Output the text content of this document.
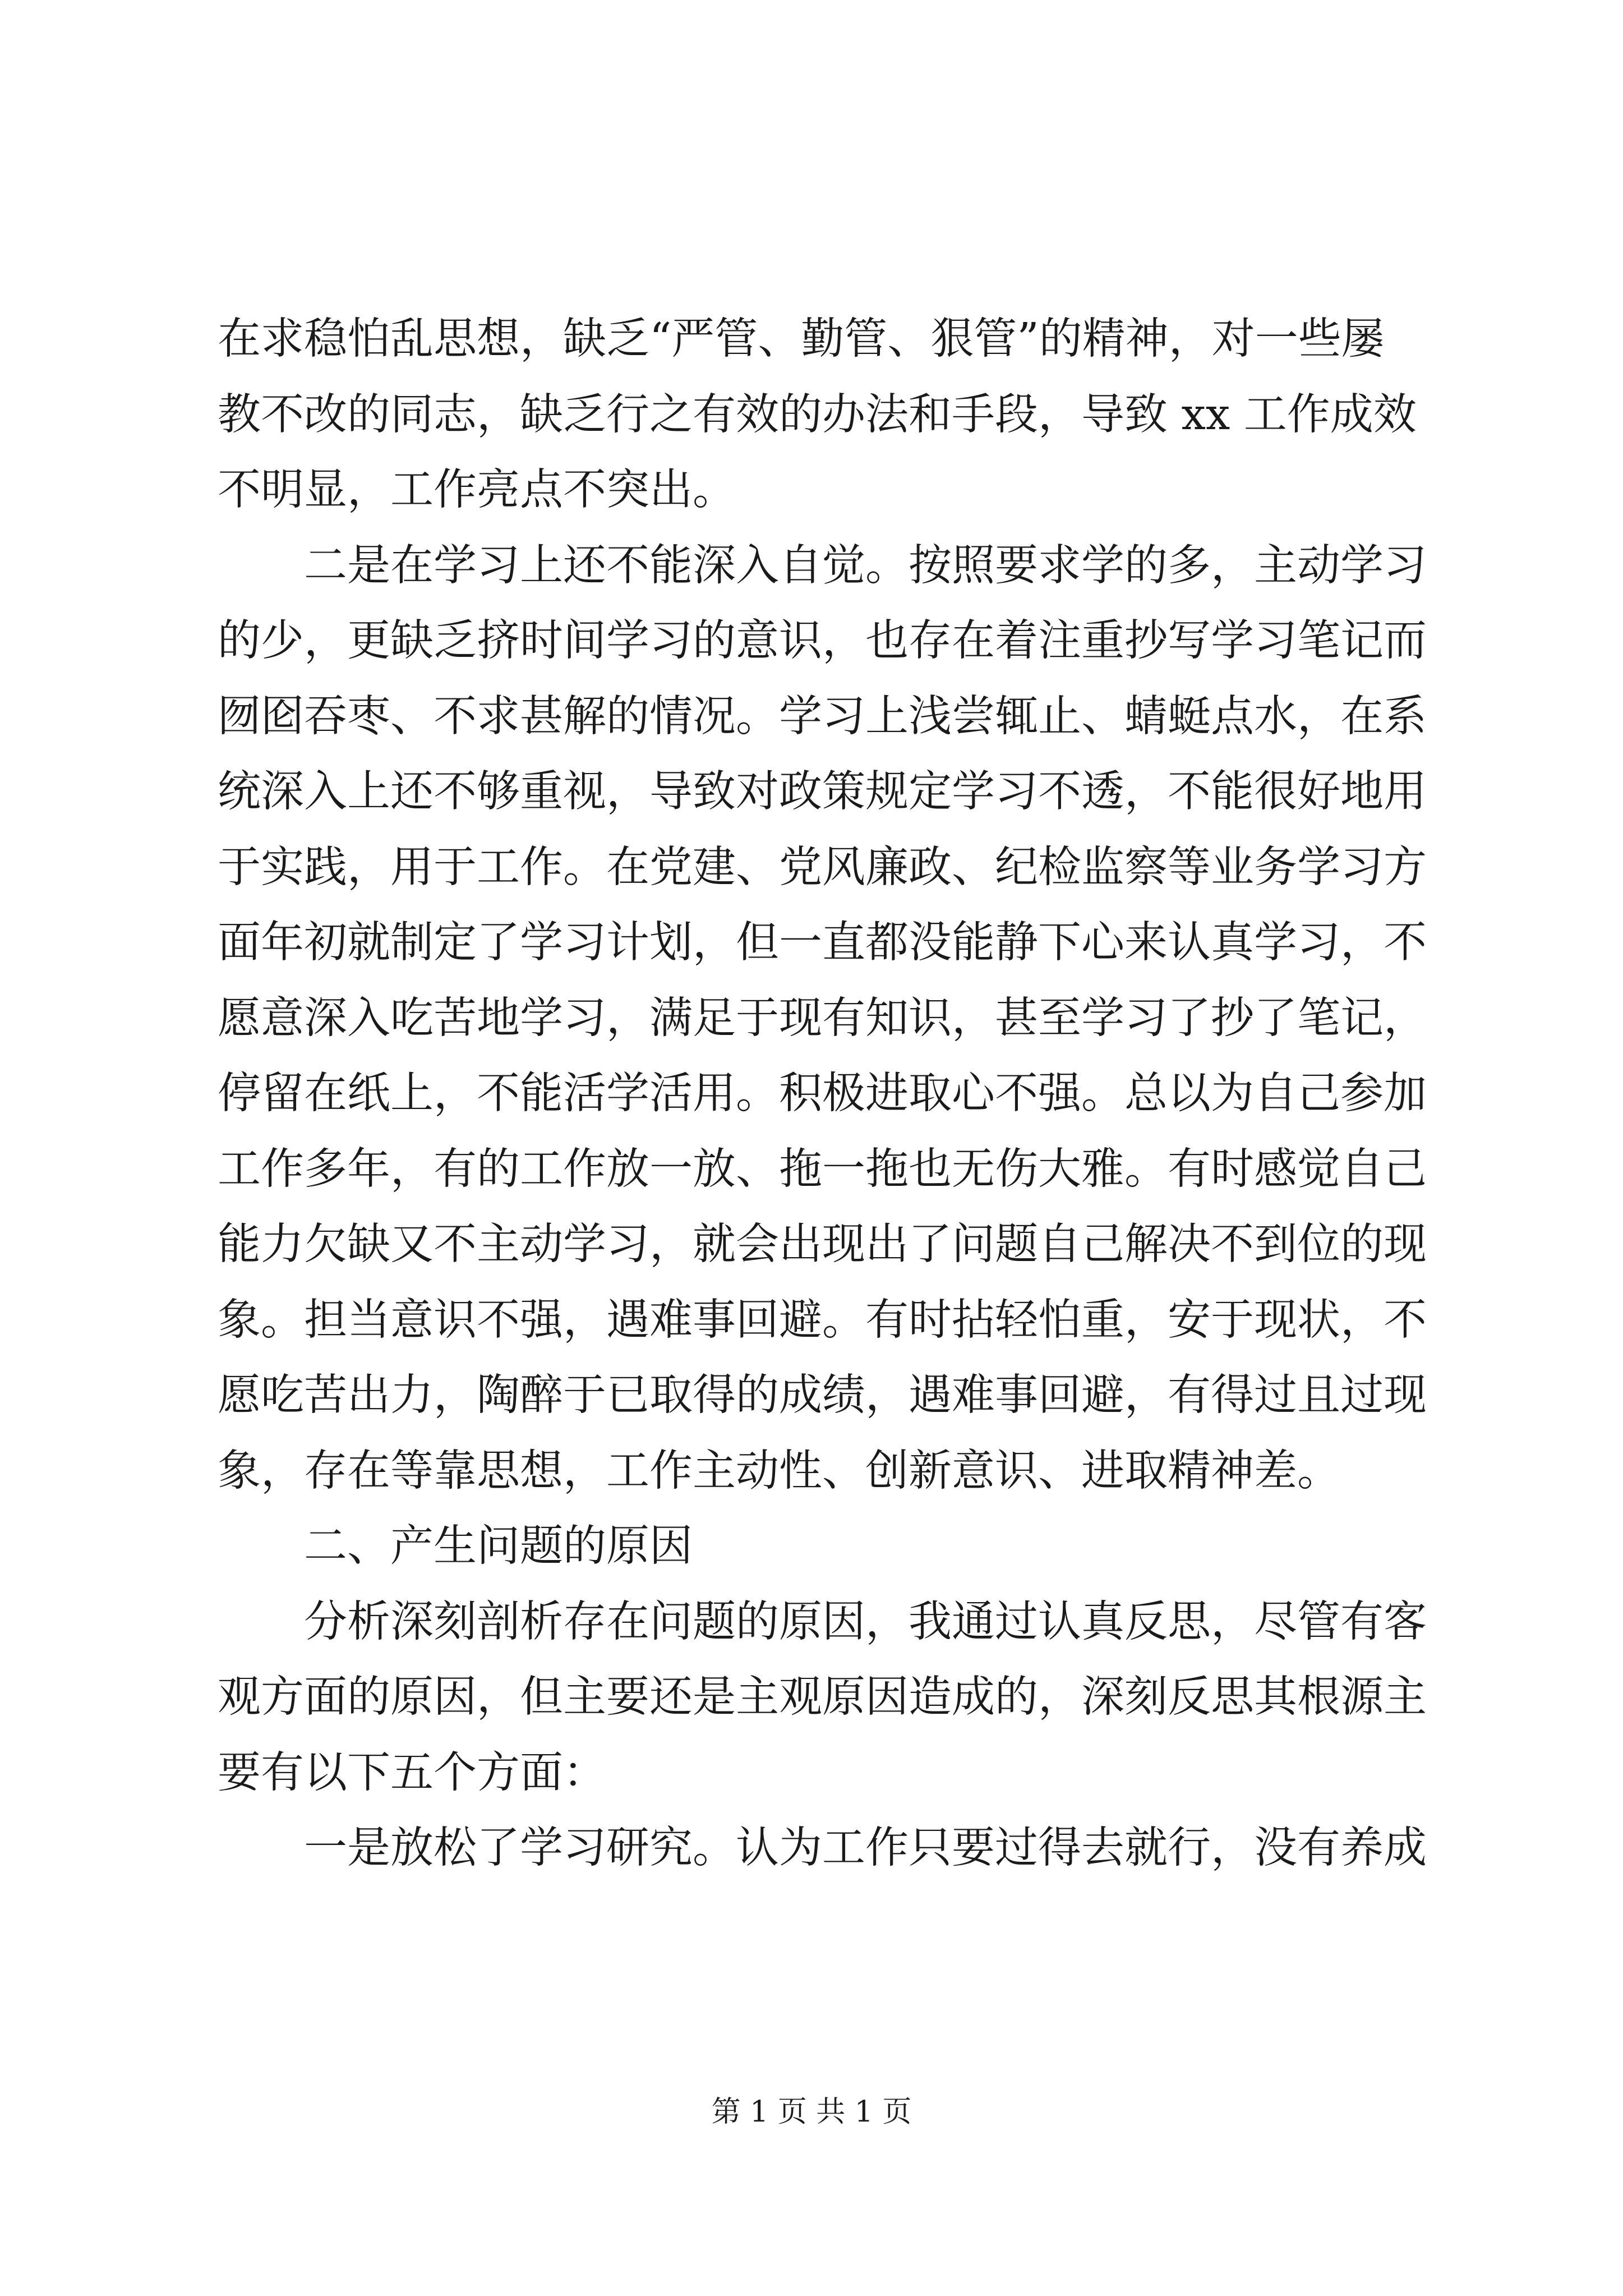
在求稳怕乱思想，缺乏“严管、勤管、狠管”的精神，对一些屡
教不改的同志，缺乏行之有效的办法和手段，导致 xx 工作成效
不明显，工作亮点不突出。
　　二是在学习上还不能深入自觉。按照要求学的多，主动学习
的少，更缺乏挤时间学习的意识，也存在着注重抄写学习笔记而
囫囵吞枣、不求甚解的情况。学习上浅尝辄止、蜻蜓点水，在系
统深入上还不够重视，导致对政策规定学习不透，不能很好地用
于实践，用于工作。在党建、党风廉政、纪检监察等业务学习方
面年初就制定了学习计划，但一直都没能静下心来认真学习，不
愿意深入吃苦地学习，满足于现有知识，甚至学习了抄了笔记，
停留在纸上，不能活学活用。积极进取心不强。总以为自己参加
工作多年，有的工作放一放、拖一拖也无伤大雅。有时感觉自己
能力欠缺又不主动学习，就会出现出了问题自己解决不到位的现
象。担当意识不强，遇难事回避。有时拈轻怕重，安于现状，不
愿吃苦出力，陶醉于已取得的成绩，遇难事回避，有得过且过现
象，存在等靠思想，工作主动性、创新意识、进取精神差。
　　二、产生问题的原因
　　分析深刻剖析存在问题的原因，我通过认真反思，尽管有客
观方面的原因，但主要还是主观原因造成的，深刻反思其根源主
要有以下五个方面：
　　一是放松了学习研究。认为工作只要过得去就行，没有养成
第 1 页 共 1 页
